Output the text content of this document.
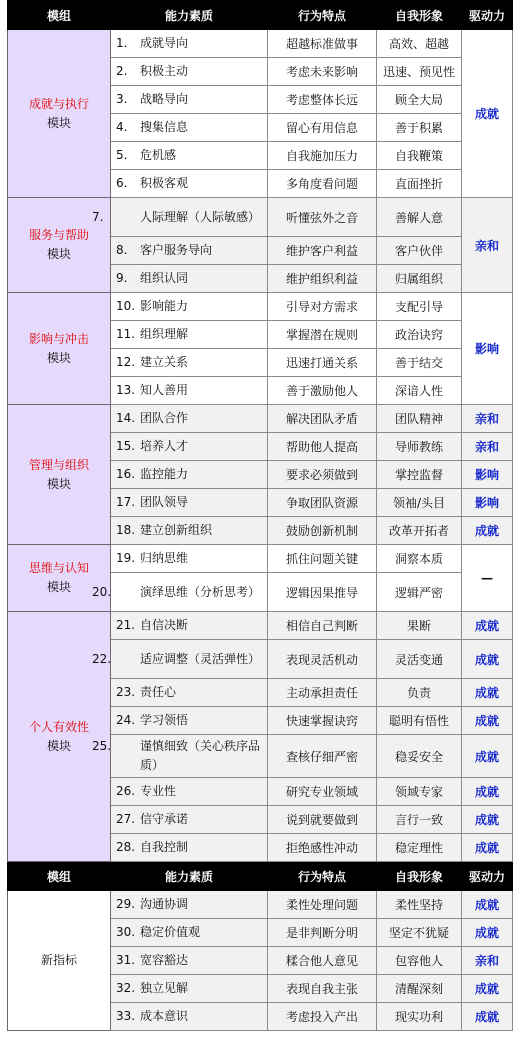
模组	能力素质	行为特点	自我形象	驱动力

成就与执行
模块	1. 成就导向	超越标准做事	高效、超越	成就
	2. 积极主动	考虑未来影响	迅速、预见性	
	3. 战略导向	考虑整体长远	顾全大局	
	4. 搜集信息	留心有用信息	善于积累	
	5. 危机感	自我施加压力	自我鞭策	
	6. 积极客观	多角度看问题	直面挫折	

服务与帮助
模块	7. 人际理解（人际敏感）	听懂弦外之音	善解人意	亲和
	8. 客户服务导向	维护客户利益	客户伙伴	
	9. 组织认同	维护组织利益	归属组织	

影响与冲击
模块	10. 影响能力	引导对方需求	支配引导	影响
	11. 组织理解	掌握潜在规则	政治诀窍	
	12. 建立关系	迅速打通关系	善于结交	
	13. 知人善用	善于激励他人	深谙人性	

管理与组织
模块	14. 团队合作	解决团队矛盾	团队精神	亲和
	15. 培养人才	帮助他人提高	导师教练	亲和
	16. 监控能力	要求必须做到	掌控监督	影响
	17. 团队领导	争取团队资源	领袖/头目	影响
	18. 建立创新组织	鼓励创新机制	改革开拓者	成就

思维与认知
模块	19. 归纳思维	抓住问题关键	洞察本质	—

	20. 演绎思维（分析思考）	逻辑因果推导	逻辑严密	

个人有效性
模块	21. 自信决断	相信自己判断	果断	成就

	22. 适应调整（灵活弹性）	表现灵活机动	灵活变通	成就
	23. 责任心	主动承担责任	负责	成就
	24. 学习领悟	快速掌握诀窍	聪明有悟性	成就

	25. 谨慎细致（关心秩序品质）	查核仔细严密	稳妥安全	成就
	26. 专业性	研究专业领域	领域专家	成就
	27. 信守承诺	说到就要做到	言行一致	成就
	28. 自我控制	拒绝感性冲动	稳定理性	成就
模组	能力素质	行为特点	自我形象	驱动力

新指标	29. 沟通协调	柔性处理问题	柔性坚持	成就
	30. 稳定价值观	是非判断分明	坚定不犹疑	成就
	31. 宽容豁达	糅合他人意见	包容他人	亲和
	32. 独立见解	表现自我主张	清醒深刻	成就
	33. 成本意识	考虑投入产出	现实功利	成就
